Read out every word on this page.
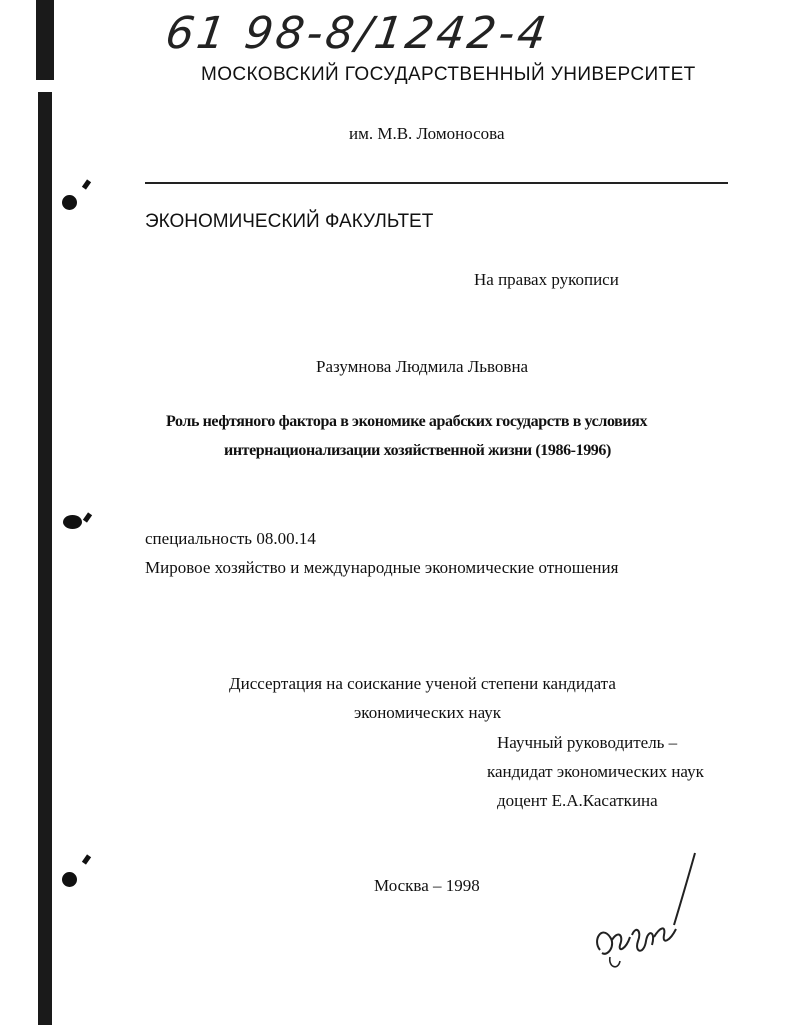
61 98-8/1242-4
МОСКОВСКИЙ ГОСУДАРСТВЕННЫЙ УНИВЕРСИТЕТ
им. М.В. Ломоносова
ЭКОНОМИЧЕСКИЙ ФАКУЛЬТЕТ
На правах рукописи
Разумнова Людмила Львовна
Роль нефтяного фактора в экономике арабских государств в условиях
интернационализации хозяйственной жизни (1986-1996)
специальность 08.00.14
Мировое хозяйство и международные экономические отношения
Диссертация на соискание ученой степени кандидата
экономических наук
Научный руководитель –
кандидат экономических наук
доцент Е.А.Касаткина
Москва – 1998
